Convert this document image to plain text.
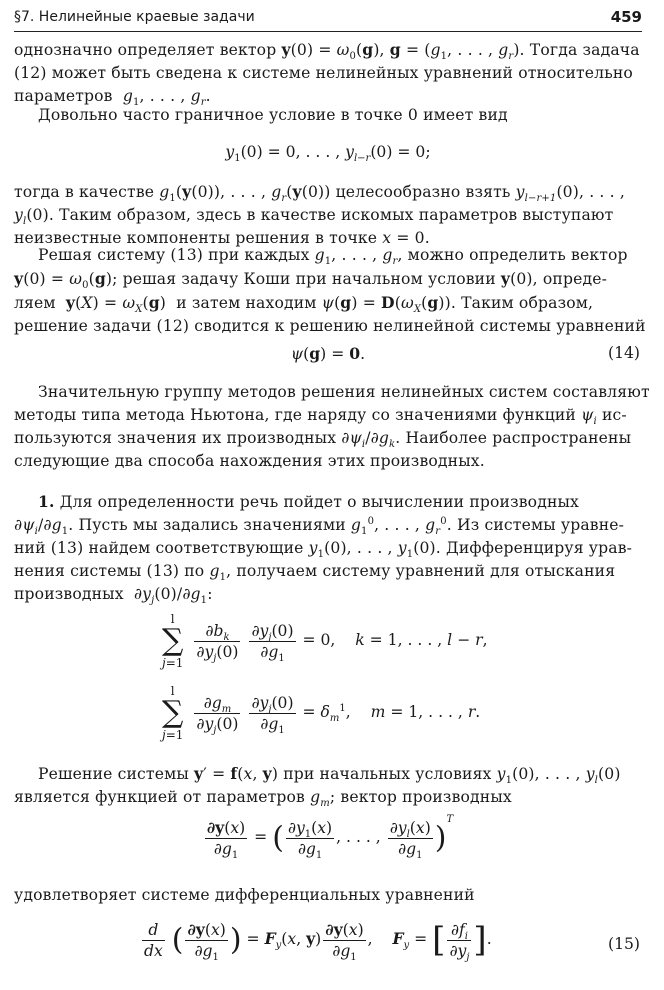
§7. Нелинейные краевые задачи	459
однозначно определяет вектор $y(0) = \omega_0(g)$, $g = (g_1$, . . . , $g_r$). Тогда задача
(12) может быть сведена к системе нелинейных уравнений относительно
параметров $g_1$, . . . , $g_r$.
Довольно часто граничное условие в точке 0 имеет вид
$y_1(0) = 0$, . . . , $y_{l-r}(0) = 0$;
тогда в качестве $g_1(y(0))$, . . . , $g_r(y(0))$ целесообразно взять $y_{l-r+1}(0)$, . . . ,
$y_l(0)$. Таким образом, здесь в качестве искомых параметров выступают
неизвестные компоненты решения в точке x = 0.
Решая систему (13) при каждых $g_1$, . . . , $g_r$, можно определить вектор
$y(0) = \omega_0(g)$; решая задачу Коши при начальном условии y(0), опреде-
ляем $y(X) = \omega_X(g)$  и затем находим $\psi(g) = D(\omega_X(g))$. Таким образом,
решение задачи (12) сводится к решению нелинейной системы уравнений
ψ(g) = 0.	(14)
Значительную группу методов решения нелинейных систем составляют
методы типа метода Ньютона, где наряду со значениями функций $\psi_i$ ис-
пользуются значения их производных $\partial\psi_i/\partial g_k$. Наиболее распространены
следующие два способа нахождения этих производных.
1. Для определенности речь пойдет о вычислении производных
$\partial\psi_i/\partial g_1$. Пусть мы задались значениями $g_1^0$, . . . , $g_r^0$. Из системы уравне-
ний (13) найдем соответствующие $y_1(0)$, . . . , $y_1(0)$. Дифференцируя урав-
нения системы (13) по $g_1$, получаем систему уравнений для отыскания
производных $\partial y_j(0)/\partial g_1$:
l
∑
j=1
$\frac{\partial b_k}{\partial y_j(0)}$
$\frac{\partial y_j(0)}{\partial g_1} = 0$,    k = 1, . . . , l − r,
l
∑
j=1
$\frac{\partial g_m}{\partial y_j(0)}$
$\frac{\partial y_j(0)}{\partial g_1} = \delta_m^1$,    m = 1, . . . , r.
Решение системы y′ = f(x, y) при начальных условиях $y_1(0)$, . . . , $y_l(0)$
является функцией от параметров $g_m$; вектор производных
$\frac{\partial y(x)}{\partial g_1}$ = ( $\frac{\partial y_1(x)}{\partial g_1}$ , . . . , $\frac{\partial y_l(x)}{\partial g_1} )^T$
удовлетворяет системе дифференциальных уравнений
$\frac{d}{dx}$ ( $\frac{\partial y(x)}{\partial g_1}$ ) = $F_y(x$, $y) \frac{\partial y(x)}{\partial g_1}$ ,    $F_y$ = [ $\frac{\partial f_i}{\partial y_j}$ ].	(15)
